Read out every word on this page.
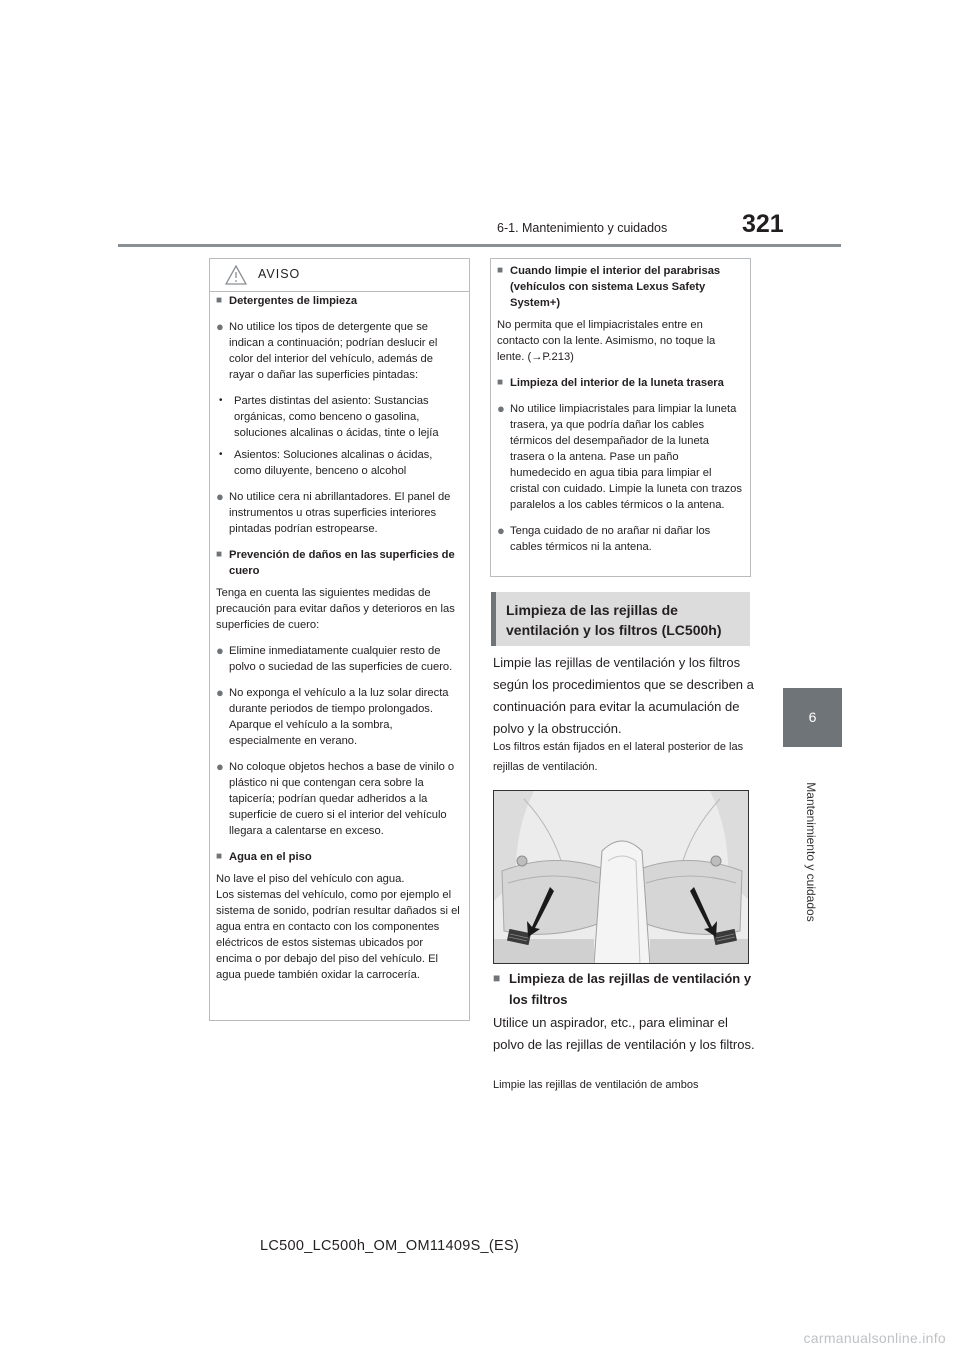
6-1. Mantenimiento y cuidados	321
6
Mantenimiento y cuidados
AVISO
■ Detergentes de limpieza
● No utilice los tipos de detergente que se indican a continuación; podrían deslucir el color del interior del vehículo, además de rayar o dañar las superficies pintadas:
•	Partes distintas del asiento: Sustancias orgánicas, como benceno o gasolina, soluciones alcalinas o ácidas, tinte o lejía
•	Asientos: Soluciones alcalinas o ácidas, como diluyente, benceno o alcohol
● No utilice cera ni abrillantadores. El panel de instrumentos u otras superficies interiores pintadas podrían estropearse.
■ Prevención de daños en las superficies de cuero
Tenga en cuenta las siguientes medidas de precaución para evitar daños y deterioros en las superficies de cuero:
● Elimine inmediatamente cualquier resto de polvo o suciedad de las superficies de cuero.
● No exponga el vehículo a la luz solar directa durante periodos de tiempo prolongados. Aparque el vehículo a la sombra, especialmente en verano.
● No coloque objetos hechos a base de vinilo o plástico ni que contengan cera sobre la tapicería; podrían quedar adheridos a la superficie de cuero si el interior del vehículo llegara a calentarse en exceso.
■ Agua en el piso
No lave el piso del vehículo con agua.
Los sistemas del vehículo, como por ejemplo el sistema de sonido, podrían resultar dañados si el agua entra en contacto con los componentes eléctricos de estos sistemas ubicados por encima o por debajo del piso del vehículo. El agua puede también oxidar la carrocería.
■ Cuando limpie el interior del parabrisas (vehículos con sistema Lexus Safety System+)
No permita que el limpiacristales entre en contacto con la lente. Asimismo, no toque la lente. (→P.213)
■ Limpieza del interior de la luneta trasera
● No utilice limpiacristales para limpiar la luneta trasera, ya que podría dañar los cables térmicos del desempañador de la luneta trasera o la antena. Pase un paño humedecido en agua tibia para limpiar el cristal con cuidado. Limpie la luneta con trazos paralelos a los cables térmicos o la antena.
● Tenga cuidado de no arañar ni dañar los cables térmicos ni la antena.
Limpieza de las rejillas de ventilación y los filtros (LC500h)
Limpie las rejillas de ventilación y los filtros según los procedimientos que se describen a continuación para evitar la acumulación de polvo y la obstrucción.
Los filtros están fijados en el lateral posterior de las rejillas de ventilación.
■ Limpieza de las rejillas de ventilación y los filtros
Utilice un aspirador, etc., para eliminar el polvo de las rejillas de ventilación y los filtros.
Limpie las rejillas de ventilación de ambos
LC500_LC500h_OM_OM11409S_(ES)
carmanualsonline.info
